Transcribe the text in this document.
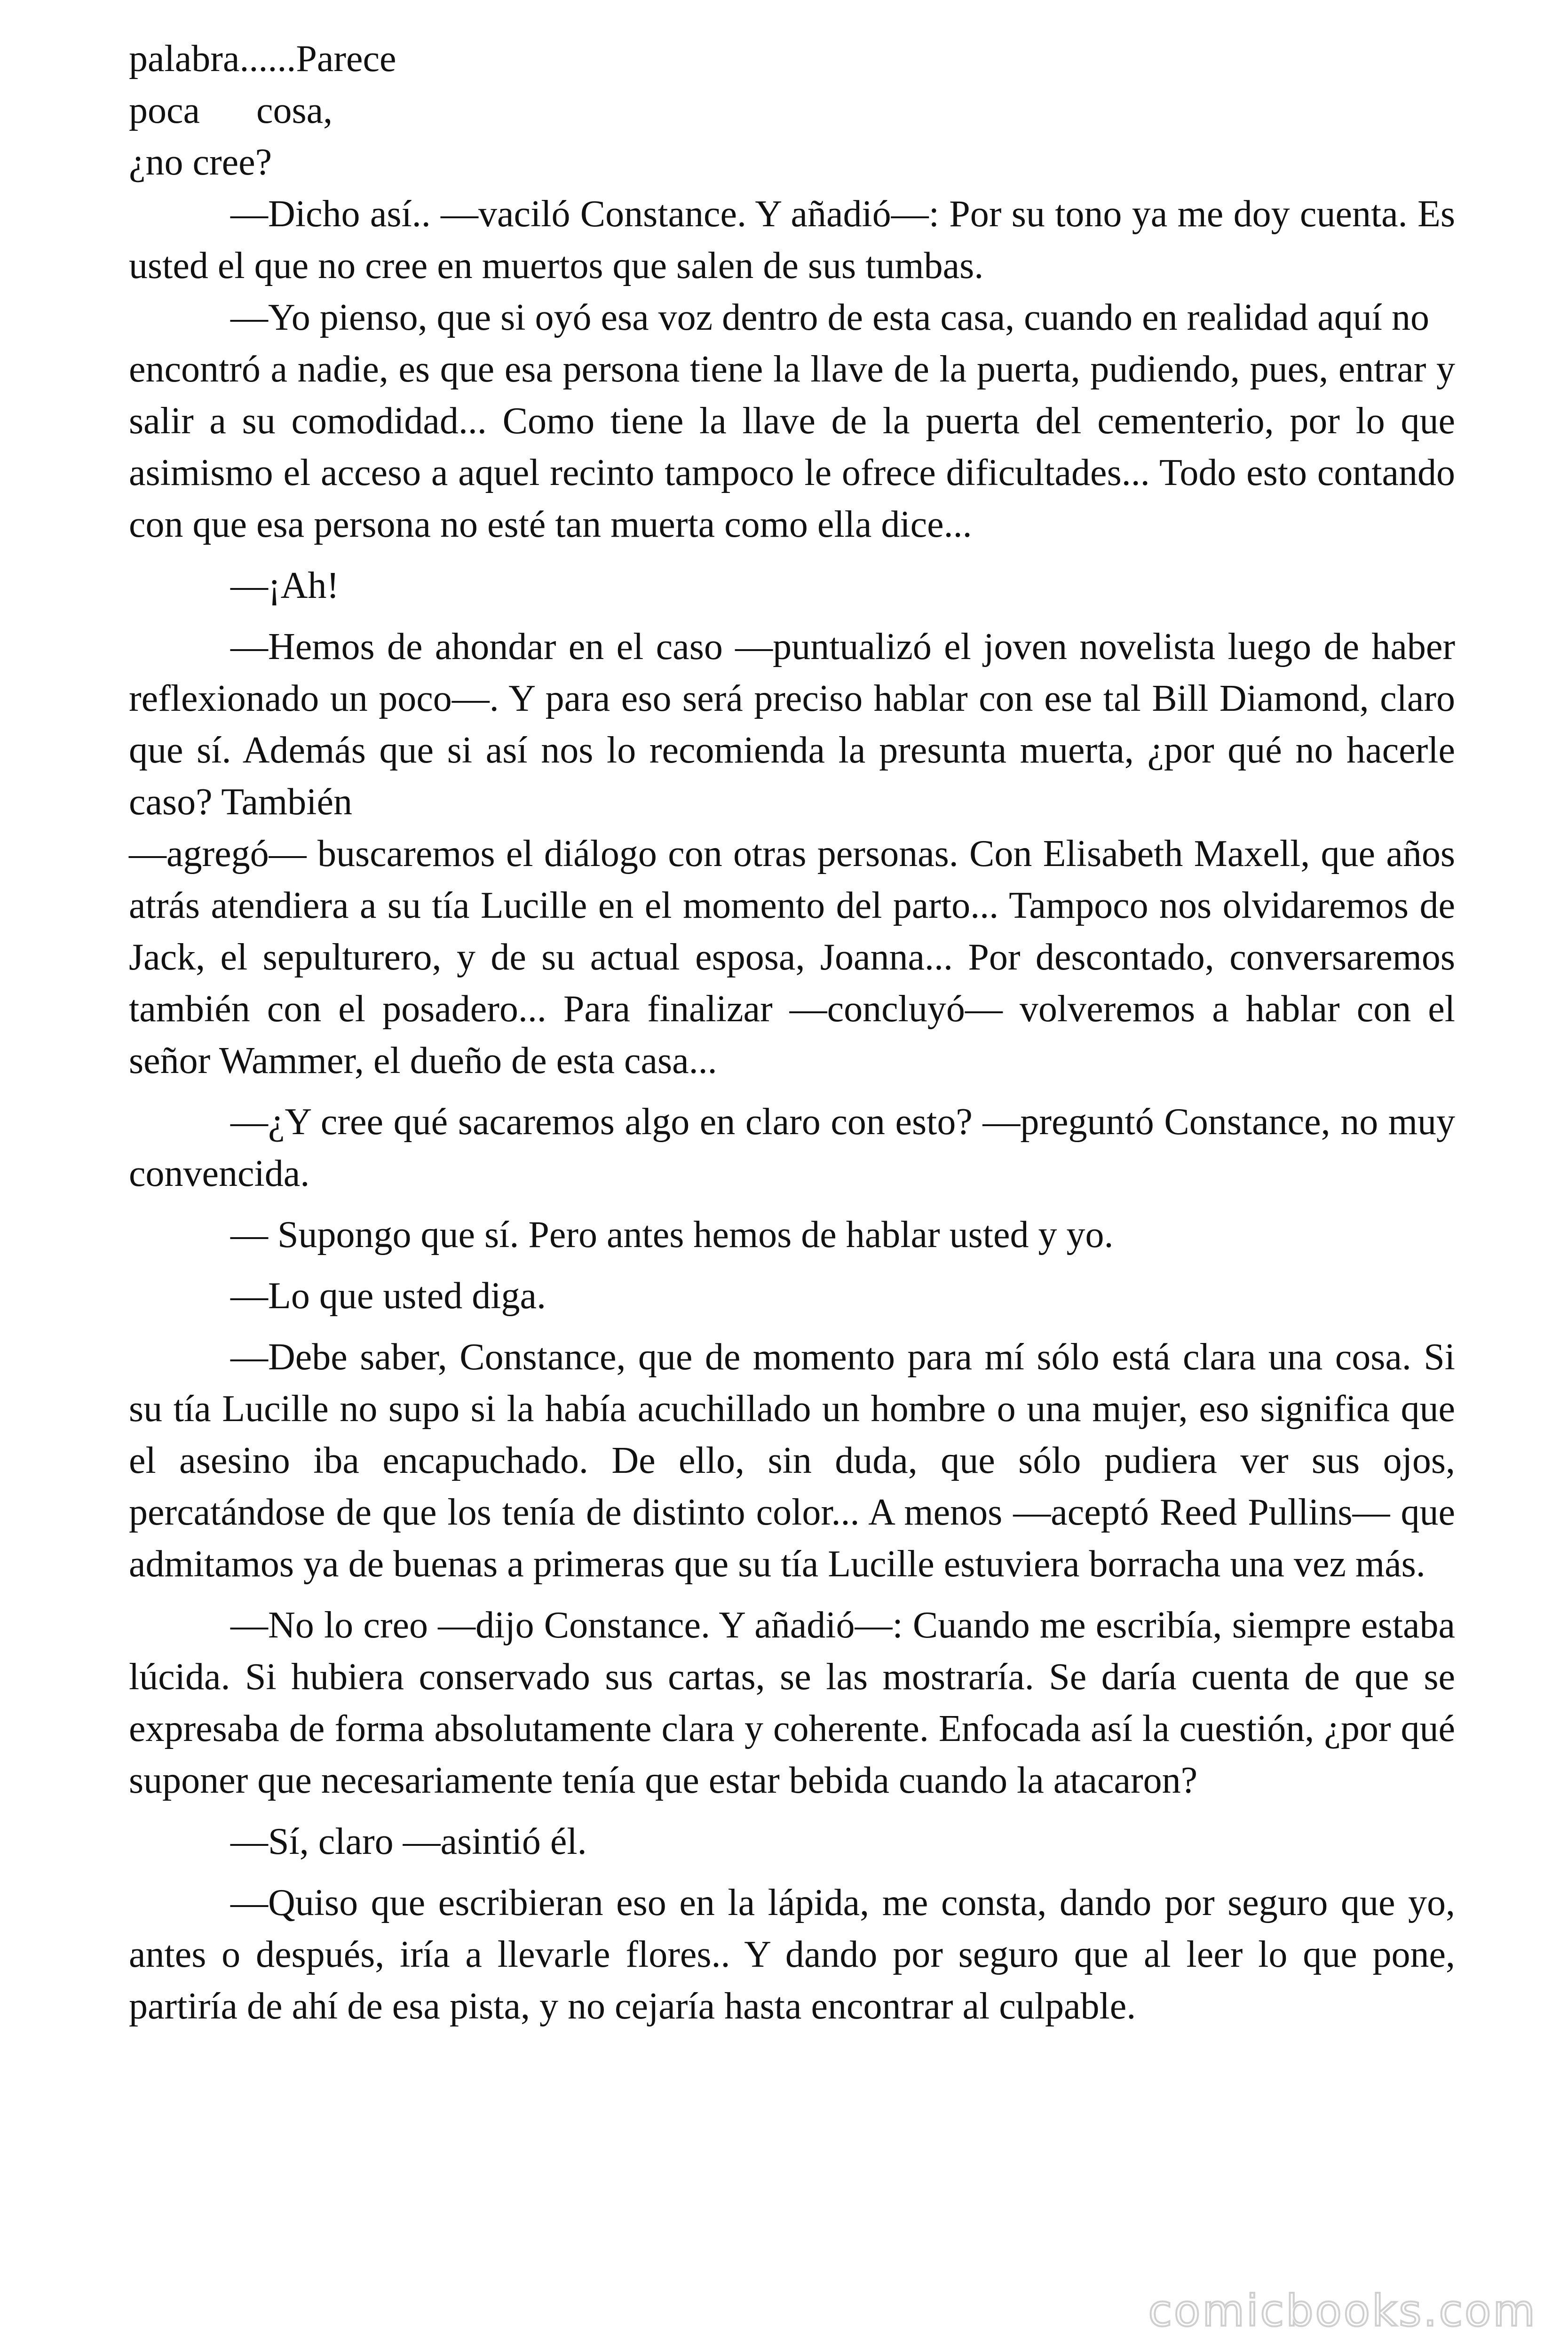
palabra......Parece
poca      cosa,
¿no cree?

—Dicho así.. —vaciló Constance. Y añadió—: Por su tono ya me doy cuenta. Es usted el que no cree en muertos que salen de sus tumbas.

—Yo pienso, que si oyó esa voz dentro de esta casa, cuando en realidad aquí no

encontró a nadie, es que esa persona tiene la llave de la puerta, pudiendo, pues, entrar y salir a su comodidad... Como tiene la llave de la puerta del cementerio, por lo que asimismo el acceso a aquel recinto tampoco le ofrece dificultades... Todo esto contando con que esa persona no esté tan muerta como ella dice...

—¡Ah!

—Hemos de ahondar en el caso —puntualizó el joven novelista luego de haber reflexionado un poco—. Y para eso será preciso hablar con ese tal Bill Diamond, claro que sí. Además que si así nos lo recomienda la presunta muerta, ¿por qué no hacerle caso? También

—agregó— buscaremos el diálogo con otras personas. Con Elisabeth Maxell, que años atrás atendiera a su tía Lucille en el momento del parto... Tampoco nos olvidaremos de Jack, el sepulturero, y de su actual esposa, Joanna... Por descontado, conversaremos también con el posadero... Para finalizar —concluyó— volveremos a hablar con el señor Wammer, el dueño de esta casa...

—¿Y cree qué sacaremos algo en claro con esto? —preguntó Constance, no muy convencida.

— Supongo que sí. Pero antes hemos de hablar usted y yo.

—Lo que usted diga.

—Debe saber, Constance, que de momento para mí sólo está clara una cosa. Si su tía Lucille no supo si la había acuchillado un hombre o una mujer, eso significa que el asesino iba encapuchado. De ello, sin duda, que sólo pudiera ver sus ojos, percatándose de que los tenía de distinto color... A menos —aceptó Reed Pullins— que admitamos ya de buenas a primeras que su tía Lucille estuviera borracha una vez más.

—No lo creo —dijo Constance. Y añadió—: Cuando me escribía, siempre estaba lúcida. Si hubiera conservado sus cartas, se las mostraría. Se daría cuenta de que se expresaba de forma absolutamente clara y coherente. Enfocada así la cuestión, ¿por qué suponer que necesariamente tenía que estar bebida cuando la atacaron?

—Sí, claro —asintió él.

—Quiso que escribieran eso en la lápida, me consta, dando por seguro que yo, antes o después, iría a llevarle flores.. Y dando por seguro que al leer lo que pone, partiría de ahí de esa pista, y no cejaría hasta encontrar al culpable.

comicbooks.com
